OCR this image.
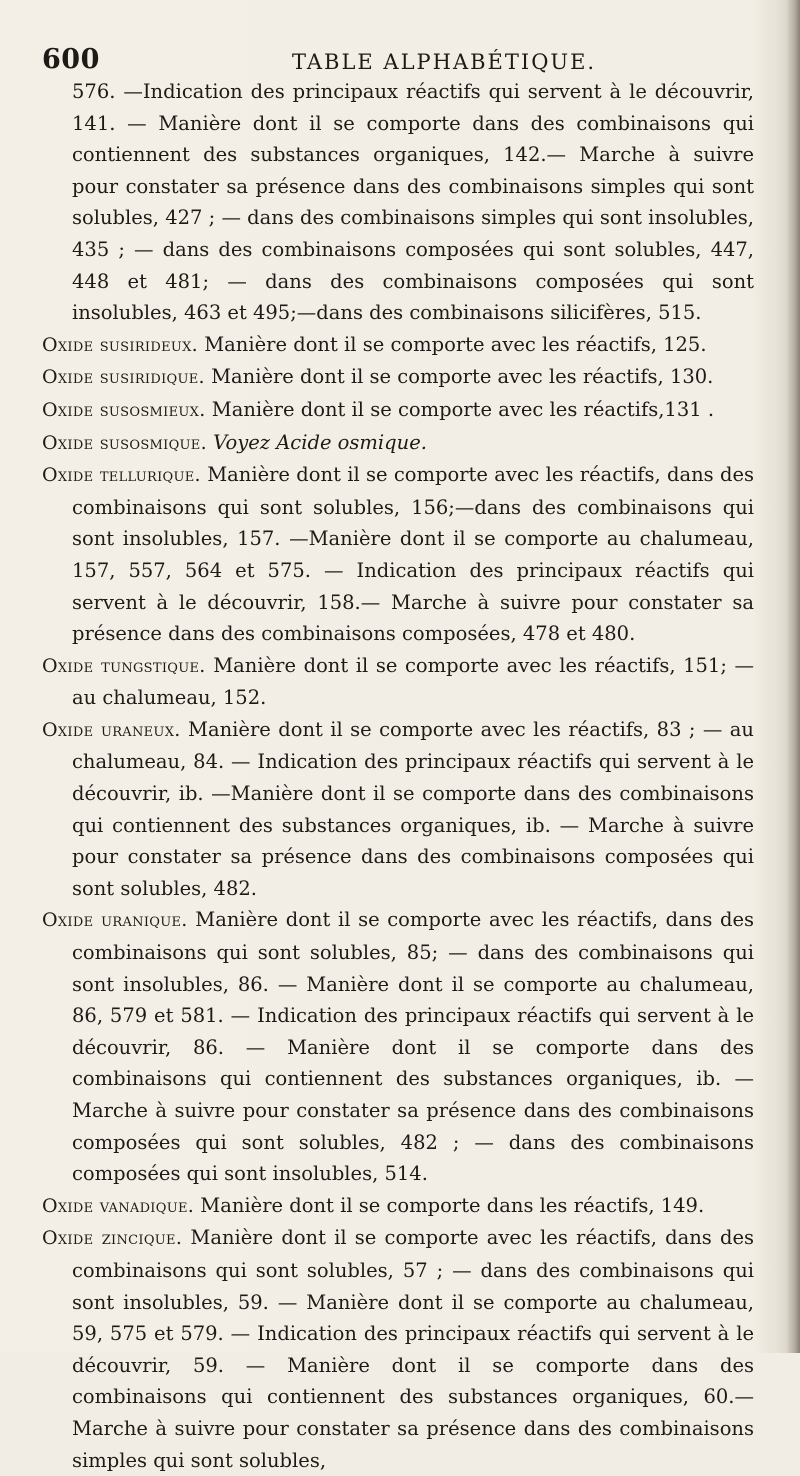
600	TABLE ALPHABÉTIQUE.

576. —Indication des principaux réactifs qui servent à le découvrir, 141. — Manière dont il se comporte dans des combinaisons qui contiennent des substances organiques, 142.— Marche à suivre pour constater sa présence dans des combinaisons simples qui sont solubles, 427 ; — dans des combinaisons simples qui sont insolubles, 435 ; — dans des combinaisons composées qui sont solubles, 447, 448 et 481; — dans des combinaisons composées qui sont insolubles, 463 et 495;—dans des combinaisons silicifères, 515.

Oxide susiridеux. Manière dont il se comporte avec les réactifs, 125.

Oxide susiridique. Manière dont il se comporte avec les réactifs, 130.

Oxide susosmieux. Manière dont il se comporte avec les réactifs,131 .

Oxide susosmique. Voyez Acide osmique.

Oxide tellurique. Manière dont il se comporte avec les réactifs, dans des combinaisons qui sont solubles, 156;—dans des combinaisons qui sont insolubles, 157. —Manière dont il se comporte au chalumeau, 157, 557, 564 et 575. — Indication des principaux réactifs qui servent à le découvrir, 158.— Marche à suivre pour constater sa présence dans des combinaisons composées, 478 et 480.

Oxide tungstique. Manière dont il se comporte avec les réactifs, 151; — au chalumeau, 152.

Oxide uraneux. Manière dont il se comporte avec les réactifs, 83 ; — au chalumeau, 84. — Indication des principaux réactifs qui servent à le découvrir, ib. —Manière dont il se comporte dans des combinaisons qui contiennent des substances organiques, ib. — Marche à suivre pour constater sa présence dans des combinaisons composées qui sont solubles, 482.

Oxide uranique. Manière dont il se comporte avec les réactifs, dans des combinaisons qui sont solubles, 85; — dans des combinaisons qui sont insolubles, 86. — Manière dont il se comporte au chalumeau, 86, 579 et 581. — Indication des principaux réactifs qui servent à le découvrir, 86. — Manière dont il se comporte dans des combinaisons qui contiennent des substances organiques, ib. — Marche à suivre pour constater sa présence dans des combinaisons composées qui sont solubles, 482 ; — dans des combinaisons composées qui sont insolubles, 514.

Oxide vanadique. Manière dont il se comporte dans les réactifs, 149.

Oxide zincique. Manière dont il se comporte avec les réactifs, dans des combinaisons qui sont solubles, 57 ; — dans des combinaisons qui sont insolubles, 59. — Manière dont il se comporte au chalumeau, 59, 575 et 579. — Indication des principaux réactifs qui servent à le découvrir, 59. — Manière dont il se comporte dans des combinaisons qui contiennent des substances organiques, 60.— Marche à suivre pour constater sa présence dans des combinaisons simples qui sont solubles,
